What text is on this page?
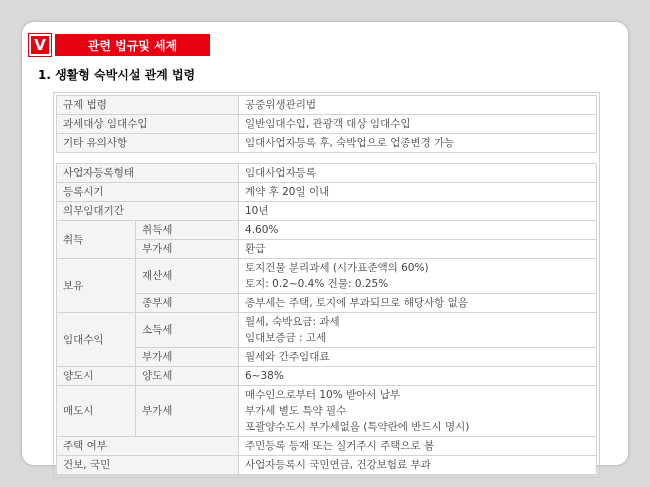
V	관련 법규및 세제
1. 생활형 숙박시설 관계 법령
규제 법령		공중위생관리법
과세대상 임대수입		일반임대수입, 관광객 대상 임대수입
기타 유의사항		임대사업자등록 후, 숙박업으로 업종변경 가능

사업자등록형태		임대사업자등록
등록시기		계약 후 20일 이내
의무임대기간		10년
취득	취득세	4.60%
	부가세	환급
보유	재산세	토지건물 분리과세 (시가표준액의 60%)
토지: 0.2~0.4% 건물: 0.25%

	종부세	종부세는 주택, 토지에 부과되므로 해당사항 없음
임대수익	소득세	월세, 숙박요금: 과세
임대보증금 : 고세

	부가세	월세와 간주임대료
양도시	양도세	6~38%
매도시	부가세	매수인으로부터 10% 받아서 납부
부가세 별도 특약 필수
포괄양수도시 부가세없음 (특약란에 반드시 명시)

주택 여부		주민등록 등재 또는 실거주시 주택으로 봄
건보, 국민		사업자등록시 국민연금, 건강보험료 부과
